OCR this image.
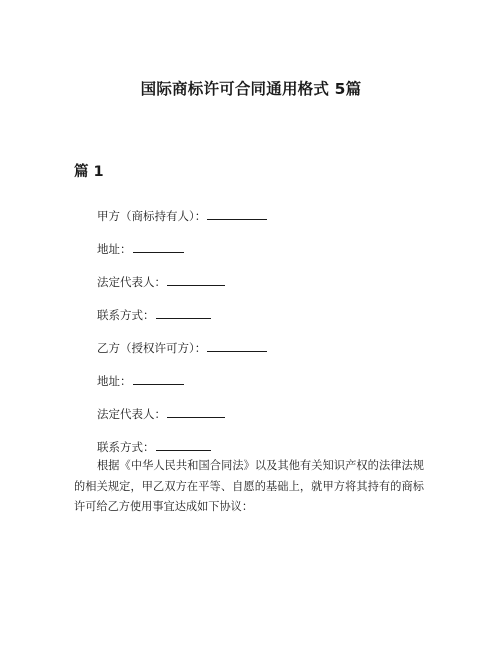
国际商标许可合同通用格式 5篇
篇 1
甲方（商标持有人）：
地址：
法定代表人：
联系方式：
乙方（授权许可方）：
地址：
法定代表人：
联系方式：
根据《中华人民共和国合同法》以及其他有关知识产权的法律法规的相关规定，甲乙双方在平等、自愿的基础上，就甲方将其持有的商标许可给乙方使用事宜达成如下协议：
